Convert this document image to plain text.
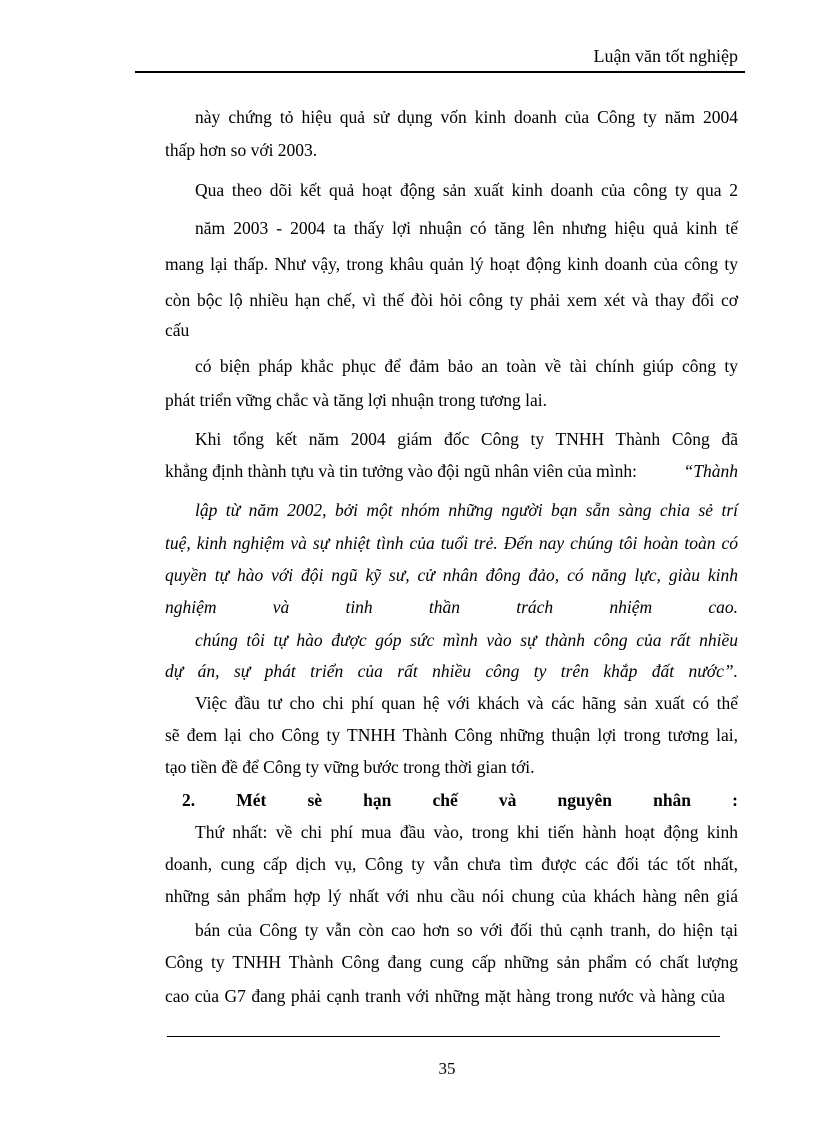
Luận văn tốt nghiệp
này chứng tỏ hiệu quả sử dụng vốn kinh doanh của Công ty năm 2004
thấp hơn so với 2003.
Qua theo dõi kết quả hoạt động sản xuất kinh doanh của công ty qua 2
năm 2003 - 2004 ta thấy lợi nhuận có tăng lên nhưng hiệu quả kinh tế
mang lại thấp. Như vậy, trong khâu quản lý hoạt động kinh doanh của công ty
còn bộc lộ nhiều hạn chế, vì thế đòi hỏi công ty phải xem xét và thay đổi cơ
cấu
có biện pháp khắc phục để đảm bảo an toàn về tài chính giúp công ty
phát triển vững chắc và tăng lợi nhuận trong tương lai.
Khi tổng kết năm 2004 giám đốc Công ty TNHH Thành Công đã
khẳng định thành tựu và tin tưởng vào đội ngũ nhân viên của mình:	“Thành
lập từ năm 2002, bởi một nhóm những người bạn sẵn sàng chia sẻ trí
tuệ, kinh nghiệm và sự nhiệt tình của tuổi trẻ. Đến nay chúng tôi hoàn toàn có
quyền tự hào với đội ngũ kỹ sư, cử nhân đông đảo, có năng lực, giàu kinh
nghiệm và tinh thần trách nhiệm cao.
chúng tôi tự hào được góp sức mình vào sự thành công của rất nhiều
dự án, sự phát triển của rất nhiều công ty trên khắp đất nước”.
Việc đầu tư cho chi phí quan hệ với khách và các hãng sản xuất có thể
sẽ đem lại cho Công ty TNHH Thành Công những thuận lợi trong tương lai,
tạo tiền đề để Công ty vững bước trong thời gian tới.
2. Mét sè hạn chế và nguyên nhân :
Thứ nhất: về chi phí mua đầu vào, trong khi tiến hành hoạt động kinh
doanh, cung cấp dịch vụ, Công ty vẫn chưa tìm được các đối tác tốt nhất,
những sản phẩm hợp lý nhất với nhu cầu nói chung của khách hàng nên giá
bán của Công ty vẫn còn cao hơn so với đối thủ cạnh tranh, do hiện tại
Công ty TNHH Thành Công đang cung cấp những sản phẩm có chất lượng
cao của G7 đang phải cạnh tranh với những mặt hàng trong nước và hàng của
35
